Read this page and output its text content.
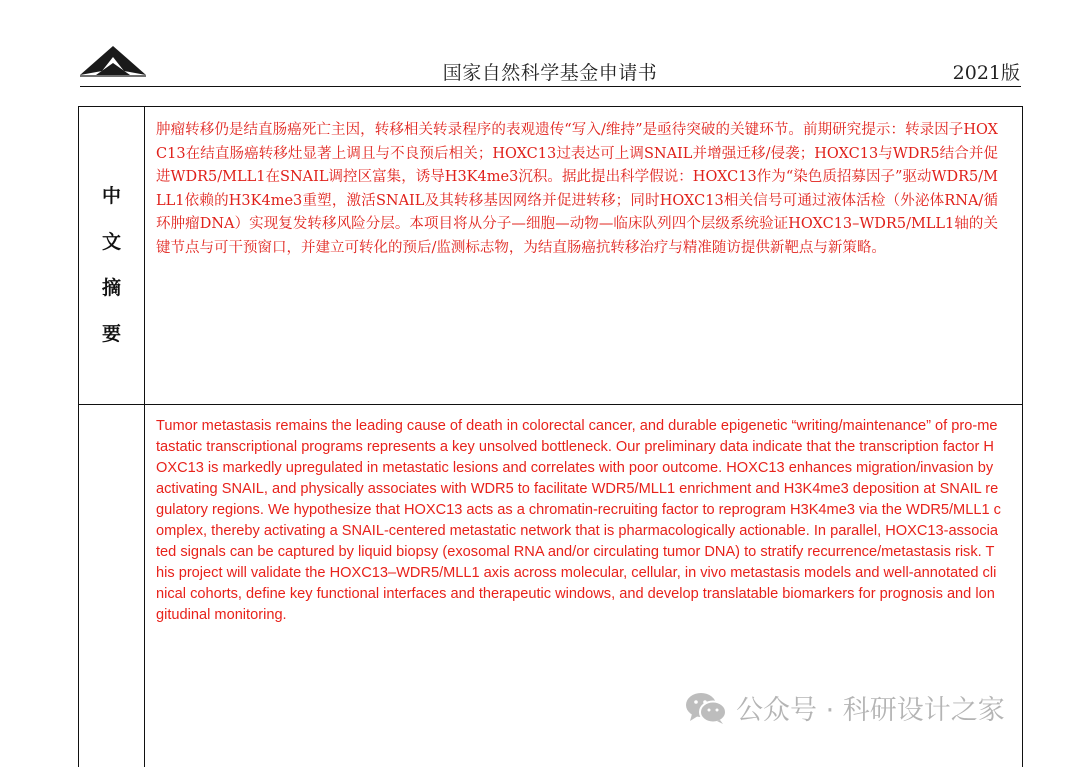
国家自然科学基金申请书	2021版
中
文
摘
要
肿瘤转移仍是结直肠癌死亡主因，转移相关转录程序的表观遗传“写入/维持”是亟待突破的关键环节。前期研究提示：转录因子HOXC13在结直肠癌转移灶显著上调且与不良预后相关；HOXC13过表达可上调SNAIL并增强迁移/侵袭；HOXC13与WDR5结合并促进WDR5/MLL1在SNAIL调控区富集，诱导H3K4me3沉积。据此提出科学假说：HOXC13作为“染色质招募因子”驱动WDR5/MLL1依赖的H3K4me3重塑，激活SNAIL及其转移基因网络并促进转移；同时HOXC13相关信号可通过液体活检（外泌体RNA/循环肿瘤DNA）实现复发转移风险分层。本项目将从分子—细胞—动物—临床队列四个层级系统验证HOXC13–WDR5/MLL1轴的关键节点与可干预窗口，并建立可转化的预后/监测标志物，为结直肠癌抗转移治疗与精准随访提供新靶点与新策略。
Tumor metastasis remains the leading cause of death in colorectal cancer, and durable epigenetic “writing/maintenance” of pro-metastatic transcriptional programs represents a key unsolved bottleneck. Our preliminary data indicate that the transcription factor HOXC13 is markedly upregulated in metastatic lesions and correlates with poor outcome. HOXC13 enhances migration/invasion by activating SNAIL, and physically associates with WDR5 to facilitate WDR5/MLL1 enrichment and H3K4me3 deposition at SNAIL regulatory regions. We hypothesize that HOXC13 acts as a chromatin-recruiting factor to reprogram H3K4me3 via the WDR5/MLL1 complex, thereby activating a SNAIL-centered metastatic network that is pharmacologically actionable. In parallel, HOXC13-associated signals can be captured by liquid biopsy (exosomal RNA and/or circulating tumor DNA) to stratify recurrence/metastasis risk. This project will validate the HOXC13–WDR5/MLL1 axis across molecular, cellular, in vivo metastasis models and well-annotated clinical cohorts, define key functional interfaces and therapeutic windows, and develop translatable biomarkers for prognosis and longitudinal monitoring.
公众号 · 科研设计之家
